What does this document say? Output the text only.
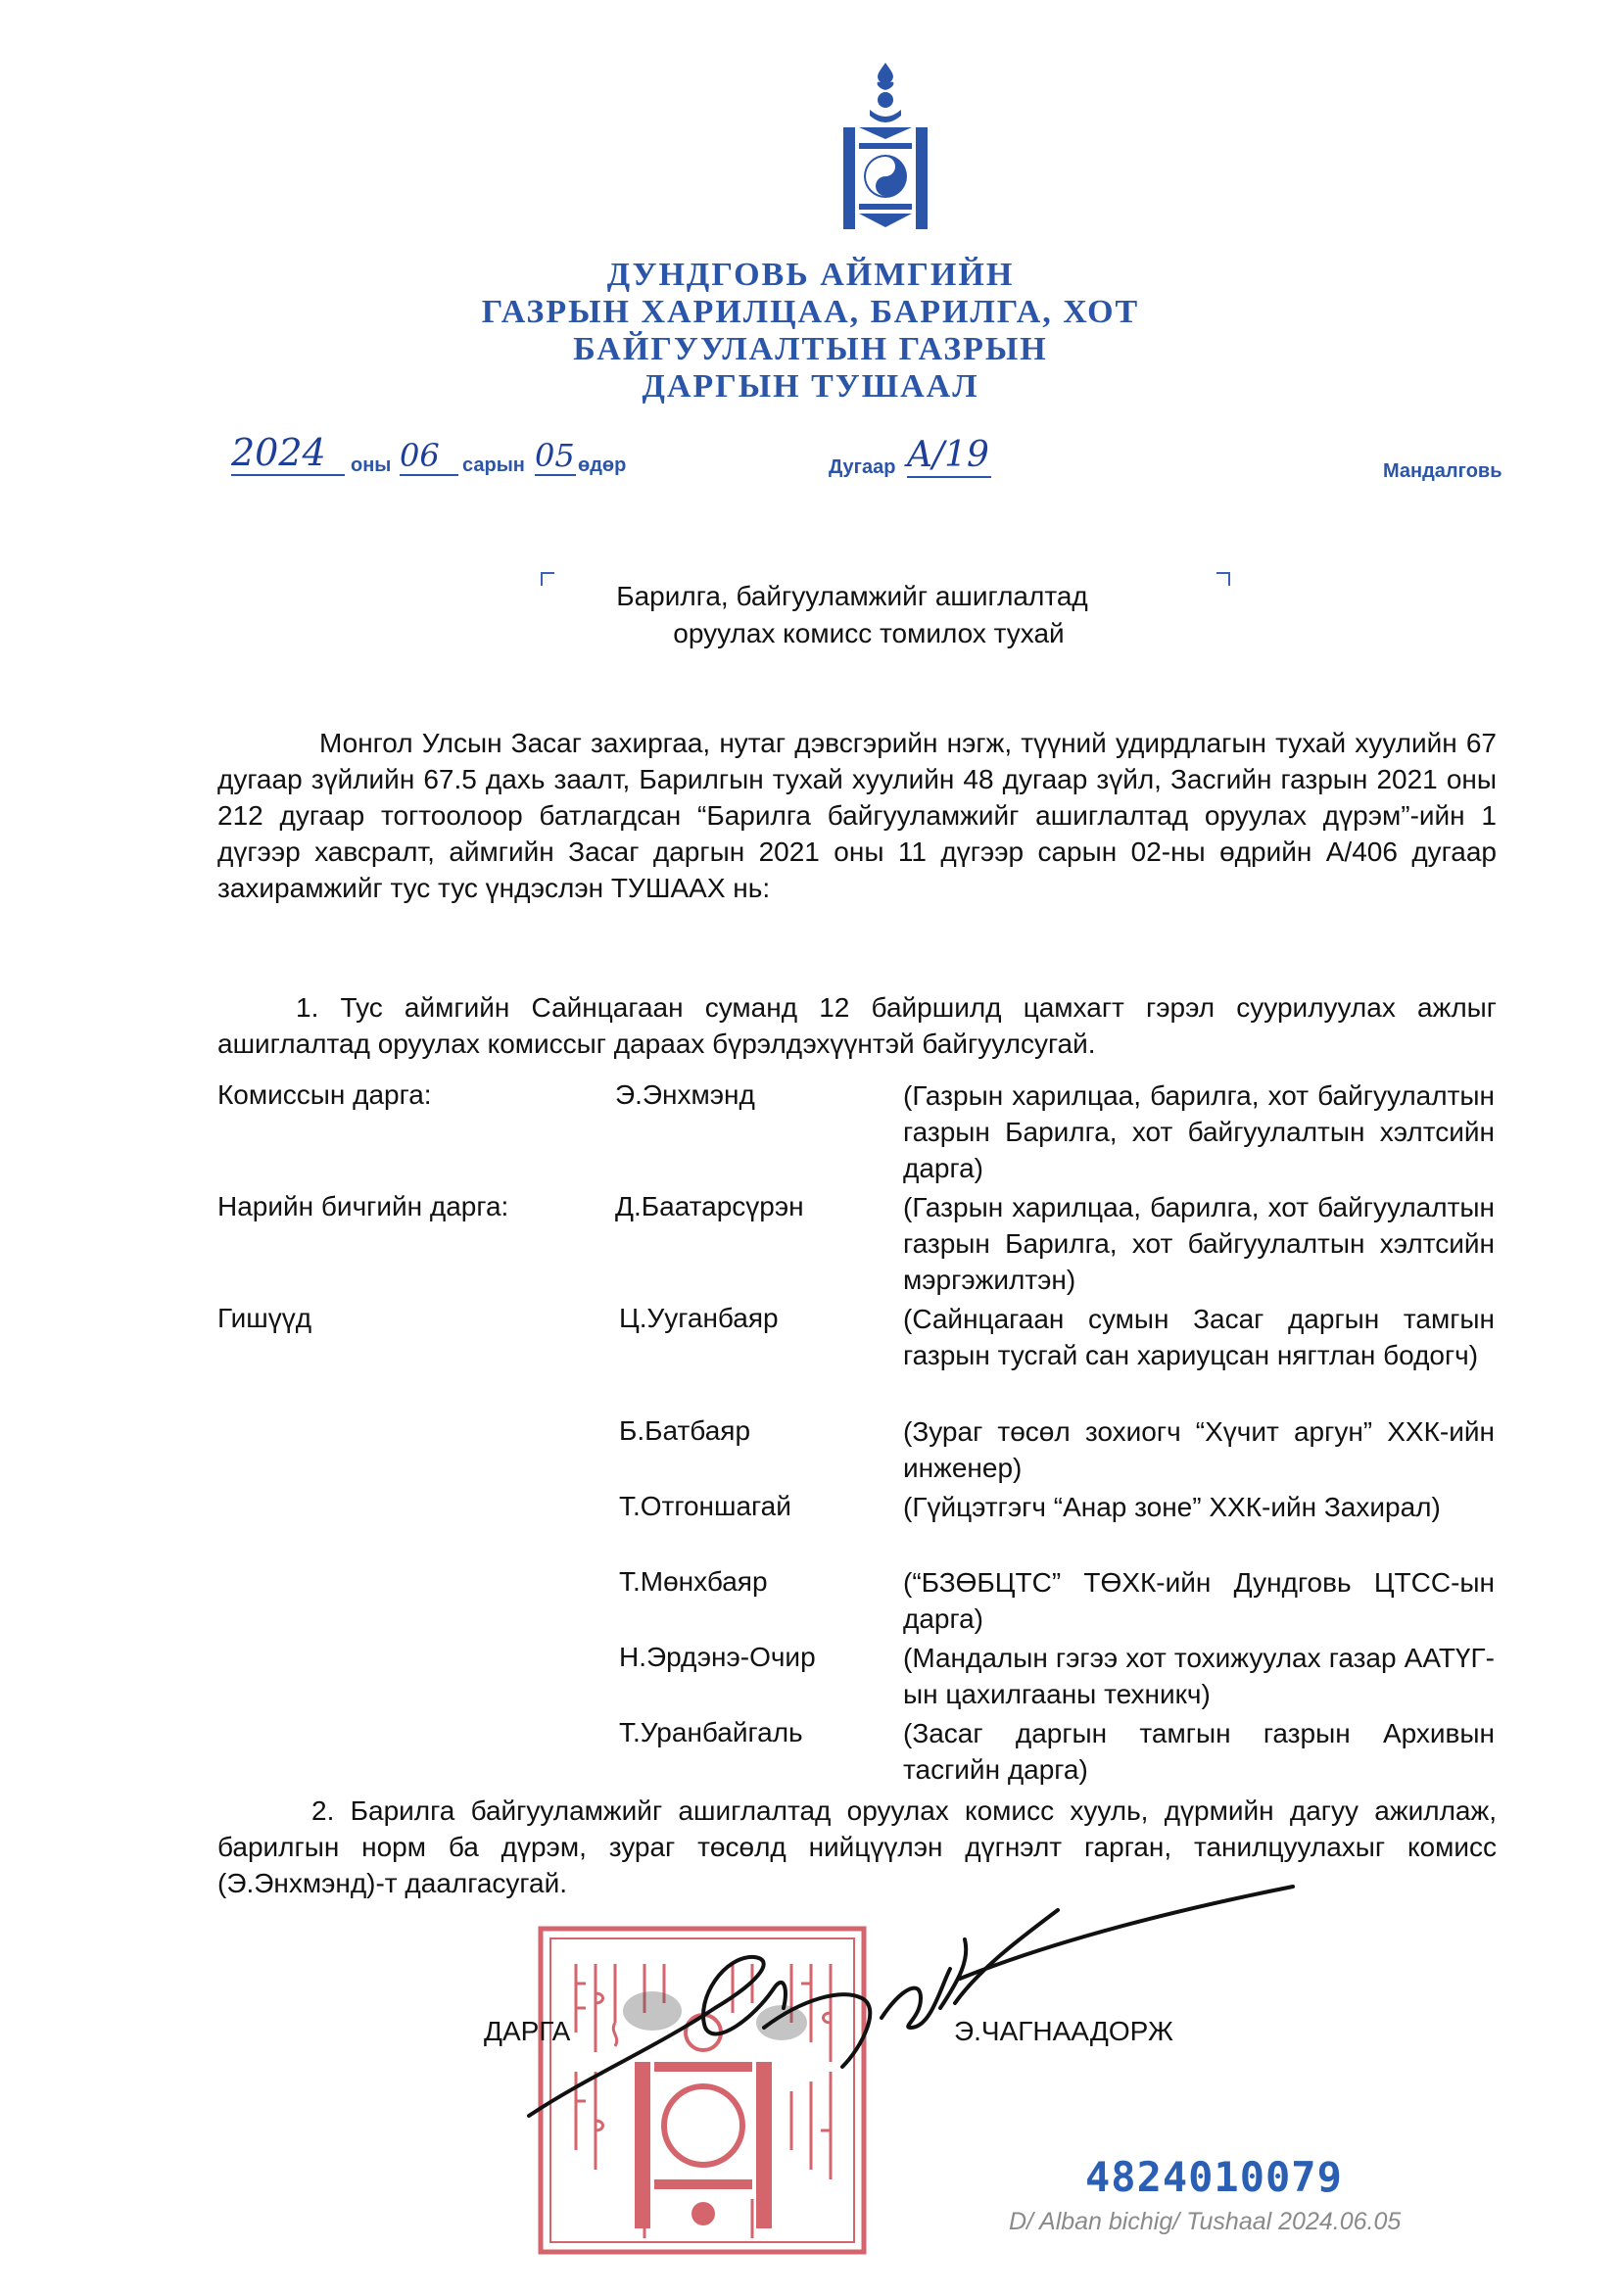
ДУНДГОВЬ АЙМГИЙН
ГАЗРЫН ХАРИЛЦАА, БАРИЛГА, ХОТ
БАЙГУУЛАЛТЫН ГАЗРЫН
ДАРГЫН ТУШААЛ
2024	оны 06	сарын 05 өдөр	Дугаар A/19	Мандалговь
Барилга, байгууламжийг ашиглалтад
оруулах комисс томилох тухай
Монгол Улсын Засаг захиргаа, нутаг дэвсгэрийн нэгж, түүний удирдлагын тухай хуулийн 67 дугаар зүйлийн 67.5 дахь заалт, Барилгын тухай хуулийн 48 дугаар зүйл, Засгийн газрын 2021 оны 212 дугаар тогтоолоор батлагдсан “Барилга байгууламжийг ашиглалтад оруулах дүрэм”-ийн 1 дүгээр хавсралт, аймгийн Засаг даргын 2021 оны 11 дүгээр сарын 02-ны өдрийн А/406 дугаар захирамжийг тус тус үндэслэн ТУШААХ нь:
1. Тус аймгийн Сайнцагаан суманд 12 байршилд цамхагт гэрэл суурилуулах ажлыг ашиглалтад оруулах комиссыг дараах бүрэлдэхүүнтэй байгуулсугай.
Комиссын дарга:	Э.Энхмэнд	(Газрын харилцаа, барилга, хот байгуулалтын газрын Барилга, хот байгуулалтын хэлтсийн дарга)
Нарийн бичгийн дарга:	Д.Баатарсүрэн	(Газрын харилцаа, барилга, хот байгуулалтын газрын Барилга, хот байгуулалтын хэлтсийн мэргэжилтэн)
Гишүүд	Ц.Ууганбаяр	(Сайнцагаан сумын Засаг даргын тамгын газрын тусгай сан хариуцсан нягтлан бодогч)
Б.Батбаяр	(Зураг төсөл зохиогч “Хүчит аргун” ХХК-ийн инженер)
Т.Отгоншагай	(Гүйцэтгэгч “Анар зоне” ХХК-ийн Захирал)
Т.Мөнхбаяр	(“БЗӨБЦТС” ТӨХК-ийн Дундговь ЦТСС-ын дарга)
Н.Эрдэнэ-Очир	(Мандалын гэгээ хот тохижуулах газар ААТҮГ-ын цахилгааны техникч)
Т.Уранбайгаль	(Засаг даргын тамгын газрын Архивын тасгийн дарга)
2. Барилга байгууламжийг ашиглалтад оруулах комисс хууль, дүрмийн дагуу ажиллаж, барилгын норм ба дүрэм, зураг төсөлд нийцүүлэн дүгнэлт гарган, танилцуулахыг комисс (Э.Энхмэнд)-т даалгасугай.
ДАРГА	Э.ЧАГНААДОРЖ
4824010079
D/ Alban bichig/ Tushaal 2024.06.05
